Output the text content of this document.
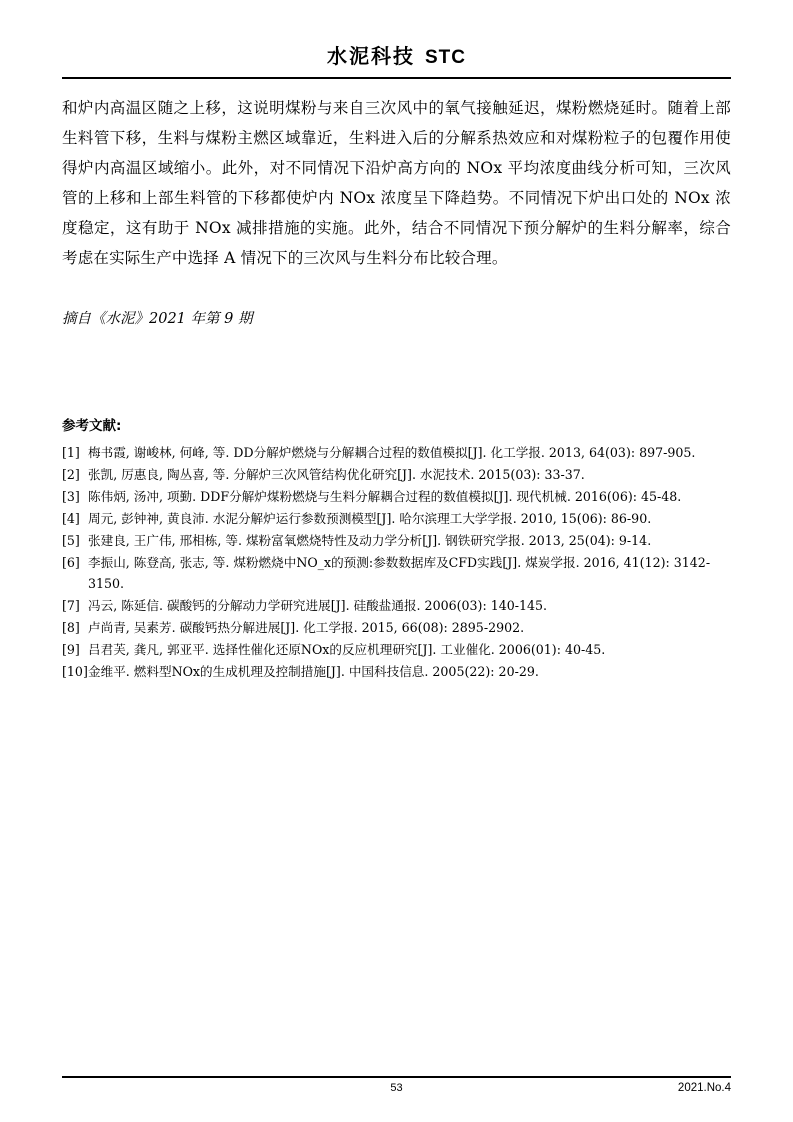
水泥科技 STC

和炉内高温区随之上移，这说明煤粉与来自三次风中的氧气接触延迟，煤粉燃烧延时。随着上部生料管下移，生料与煤粉主燃区域靠近，生料进入后的分解系热效应和对煤粉粒子的包覆作用使得炉内高温区域缩小。此外，对不同情况下沿炉高方向的 NOx 平均浓度曲线分析可知，三次风管的上移和上部生料管的下移都使炉内 NOx 浓度呈下降趋势。不同情况下炉出口处的 NOx 浓度稳定，这有助于 NOx 减排措施的实施。此外，结合不同情况下预分解炉的生料分解率，综合考虑在实际生产中选择 A 情况下的三次风与生料分布比较合理。

摘自《水泥》2021 年第 9 期
参考文献:
[1] 梅书霞, 谢峻林, 何峰, 等. DD分解炉燃烧与分解耦合过程的数值模拟[J]. 化工学报. 2013, 64(03): 897-905.
[2] 张凯, 厉惠良, 陶丛喜, 等. 分解炉三次风管结构优化研究[J]. 水泥技术. 2015(03): 33-37.
[3] 陈伟炳, 汤冲, 项勤. DDF分解炉煤粉燃烧与生料分解耦合过程的数值模拟[J]. 现代机械. 2016(06): 45-48.
[4] 周元, 彭钟神, 黄良沛. 水泥分解炉运行参数预测模型[J]. 哈尔滨理工大学学报. 2010, 15(06): 86-90.
[5] 张建良, 王广伟, 邢相栋, 等. 煤粉富氧燃烧特性及动力学分析[J]. 钢铁研究学报. 2013, 25(04): 9-14.
[6] 李振山, 陈登高, 张志, 等. 煤粉燃烧中NO_x的预测:参数数据库及CFD实践[J]. 煤炭学报. 2016, 41(12): 3142-3150.
[7] 冯云, 陈延信. 碳酸钙的分解动力学研究进展[J]. 硅酸盐通报. 2006(03): 140-145.
[8] 卢尚青, 吴素芳. 碳酸钙热分解进展[J]. 化工学报. 2015, 66(08): 2895-2902.
[9] 吕君芙, 龚凡, 郭亚平. 选择性催化还原NOx的反应机理研究[J]. 工业催化. 2006(01): 40-45.
[10] 金维平. 燃料型NOx的生成机理及控制措施[J]. 中国科技信息. 2005(22): 20-29.
53	2021.No.4
